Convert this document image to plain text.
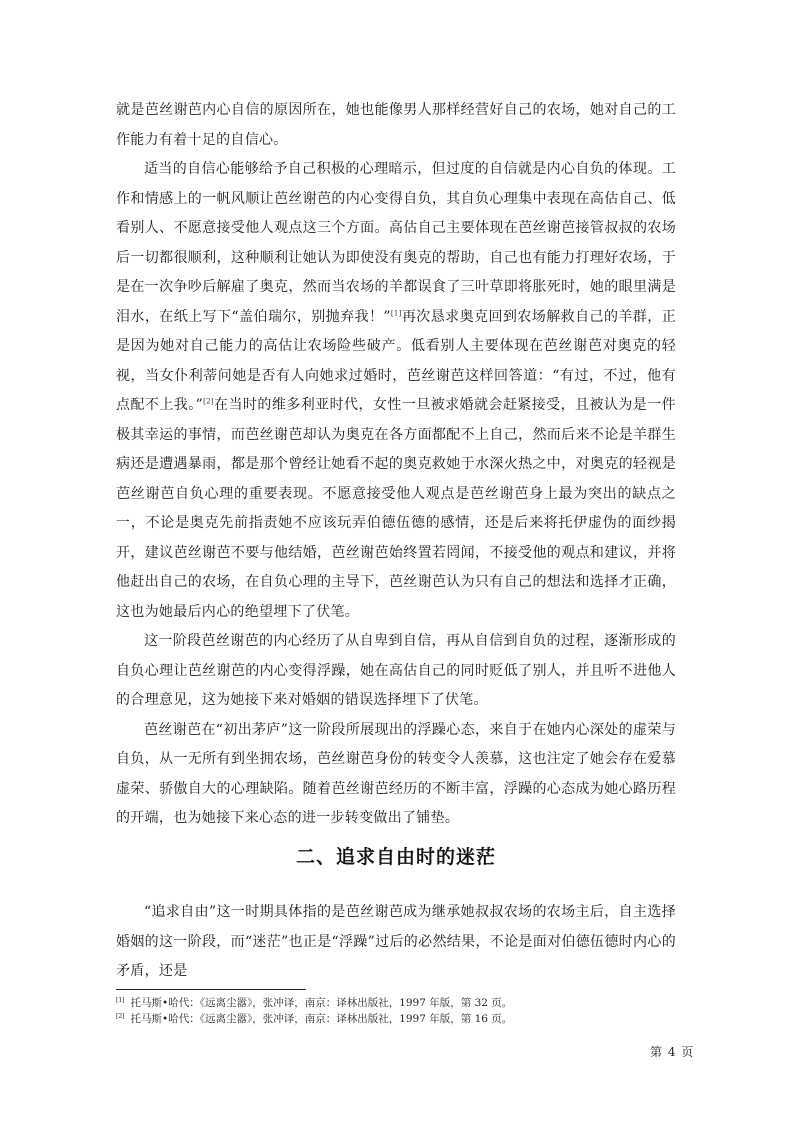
就是芭丝谢芭内心自信的原因所在，她也能像男人那样经营好自己的农场，她对自己的工作能力有着十足的自信心。

适当的自信心能够给予自己积极的心理暗示，但过度的自信就是内心自负的体现。工作和情感上的一帆风顺让芭丝谢芭的内心变得自负，其自负心理集中表现在高估自己、低看别人、不愿意接受他人观点这三个方面。高估自己主要体现在芭丝谢芭接管叔叔的农场后一切都很顺利，这种顺利让她认为即使没有奥克的帮助，自己也有能力打理好农场，于是在一次争吵后解雇了奥克，然而当农场的羊都误食了三叶草即将胀死时，她的眼里满是泪水，在纸上写下“盖伯瑞尔，别抛弃我！”[1]再次恳求奥克回到农场解救自己的羊群，正是因为她对自己能力的高估让农场险些破产。低看别人主要体现在芭丝谢芭对奥克的轻视，当女仆利蒂问她是否有人向她求过婚时，芭丝谢芭这样回答道：“有过，不过，他有点配不上我。”[2]在当时的维多利亚时代，女性一旦被求婚就会赶紧接受，且被认为是一件极其幸运的事情，而芭丝谢芭却认为奥克在各方面都配不上自己，然而后来不论是羊群生病还是遭遇暴雨，都是那个曾经让她看不起的奥克救她于水深火热之中，对奥克的轻视是芭丝谢芭自负心理的重要表现。不愿意接受他人观点是芭丝谢芭身上最为突出的缺点之一，不论是奥克先前指责她不应该玩弄伯德伍德的感情，还是后来将托伊虚伪的面纱揭开，建议芭丝谢芭不要与他结婚，芭丝谢芭始终置若罔闻，不接受他的观点和建议，并将他赶出自己的农场，在自负心理的主导下，芭丝谢芭认为只有自己的想法和选择才正确，这也为她最后内心的绝望埋下了伏笔。

这一阶段芭丝谢芭的内心经历了从自卑到自信，再从自信到自负的过程，逐渐形成的自负心理让芭丝谢芭的内心变得浮躁，她在高估自己的同时贬低了别人，并且听不进他人的合理意见，这为她接下来对婚姻的错误选择埋下了伏笔。

芭丝谢芭在“初出茅庐”这一阶段所展现出的浮躁心态，来自于在她内心深处的虚荣与自负，从一无所有到坐拥农场，芭丝谢芭身份的转变令人羡慕，这也注定了她会存在爱慕虚荣、骄傲自大的心理缺陷。随着芭丝谢芭经历的不断丰富，浮躁的心态成为她心路历程的开端，也为她接下来心态的进一步转变做出了铺垫。

二、追求自由时的迷茫

“追求自由”这一时期具体指的是芭丝谢芭成为继承她叔叔农场的农场主后，自主选择婚姻的这一阶段，而“迷茫”也正是“浮躁”过后的必然结果，不论是面对伯德伍德时内心的矛盾，还是

[1] 托马斯•哈代：《远离尘嚣》，张冲译，南京：译林出版社，1997 年版，第 32 页。

[2] 托马斯•哈代：《远离尘嚣》，张冲译，南京：译林出版社，1997 年版，第 16 页。

第 4 页
